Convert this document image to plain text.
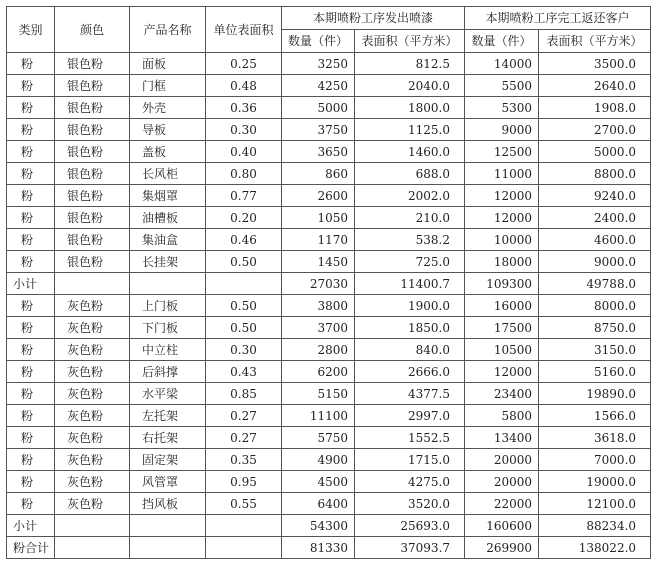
类别	颜色	产品名称	单位表面积	本期喷粉工序发出喷漆		本期喷粉工序完工返还客户	
				数量（件）	表面积（平方米）	数量（件）	表面积（平方米）
粉	银色粉	面板	0.25	3250	812.5	14000	3500.0
粉	银色粉	门框	0.48	4250	2040.0	5500	2640.0
粉	银色粉	外壳	0.36	5000	1800.0	5300	1908.0
粉	银色粉	导板	0.30	3750	1125.0	9000	2700.0
粉	银色粉	盖板	0.40	3650	1460.0	12500	5000.0
粉	银色粉	长风柜	0.80	860	688.0	11000	8800.0
粉	银色粉	集烟罩	0.77	2600	2002.0	12000	9240.0
粉	银色粉	油槽板	0.20	1050	210.0	12000	2400.0
粉	银色粉	集油盒	0.46	1170	538.2	10000	4600.0
粉	银色粉	长挂架	0.50	1450	725.0	18000	9000.0
小计				27030	11400.7	109300	49788.0
粉	灰色粉	上门板	0.50	3800	1900.0	16000	8000.0
粉	灰色粉	下门板	0.50	3700	1850.0	17500	8750.0
粉	灰色粉	中立柱	0.30	2800	840.0	10500	3150.0
粉	灰色粉	后斜撑	0.43	6200	2666.0	12000	5160.0
粉	灰色粉	水平梁	0.85	5150	4377.5	23400	19890.0
粉	灰色粉	左托架	0.27	11100	2997.0	5800	1566.0
粉	灰色粉	右托架	0.27	5750	1552.5	13400	3618.0
粉	灰色粉	固定架	0.35	4900	1715.0	20000	7000.0
粉	灰色粉	风管罩	0.95	4500	4275.0	20000	19000.0
粉	灰色粉	挡风板	0.55	6400	3520.0	22000	12100.0
小计				54300	25693.0	160600	88234.0
粉合计				81330	37093.7	269900	138022.0
